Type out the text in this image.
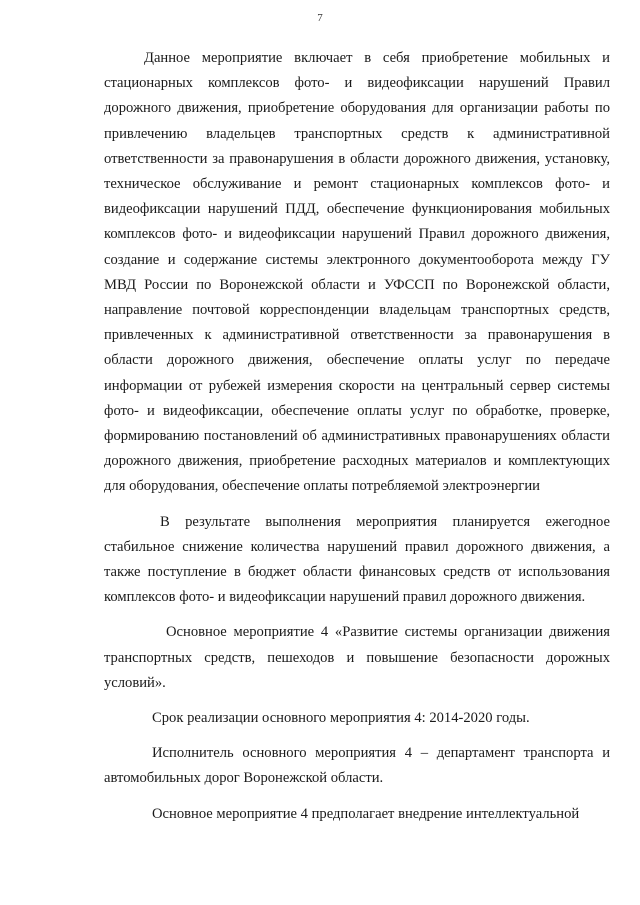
7

Данное мероприятие включает в себя приобретение мобильных и стационарных комплексов фото- и видеофиксации нарушений Правил дорожного движения, приобретение оборудования для организации работы по привлечению владельцев транспортных средств к административной ответственности за правонарушения в области дорожного движения, установку, техническое обслуживание и ремонт стационарных комплексов фото- и видеофиксации нарушений ПДД, обеспечение функционирования мобильных комплексов фото- и видеофиксации нарушений Правил дорожного движения, создание и содержание системы электронного документооборота между ГУ МВД России по Воронежской области и УФССП по Воронежской области, направление почтовой корреспонденции владельцам транспортных средств, привлеченных к административной ответственности за правонарушения в области дорожного движения, обеспечение оплаты услуг по передаче информации от рубежей измерения скорости на центральный сервер системы фото- и видеофиксации, обеспечение оплаты услуг по обработке, проверке, формированию постановлений об административных правонарушениях области дорожного движения, приобретение расходных материалов и комплектующих для оборудования, обеспечение оплаты потребляемой электроэнергии

В результате выполнения мероприятия планируется ежегодное стабильное снижение количества нарушений правил дорожного движения, а также поступление в бюджет области финансовых средств от использования комплексов фото- и видеофиксации нарушений правил дорожного движения.

Основное мероприятие 4 «Развитие системы организации движения транспортных средств, пешеходов и повышение безопасности дорожных условий».

Срок реализации основного мероприятия 4: 2014-2020 годы.

Исполнитель основного мероприятия 4 – департамент транспорта и автомобильных дорог Воронежской области.

Основное мероприятие 4 предполагает внедрение интеллектуальной
